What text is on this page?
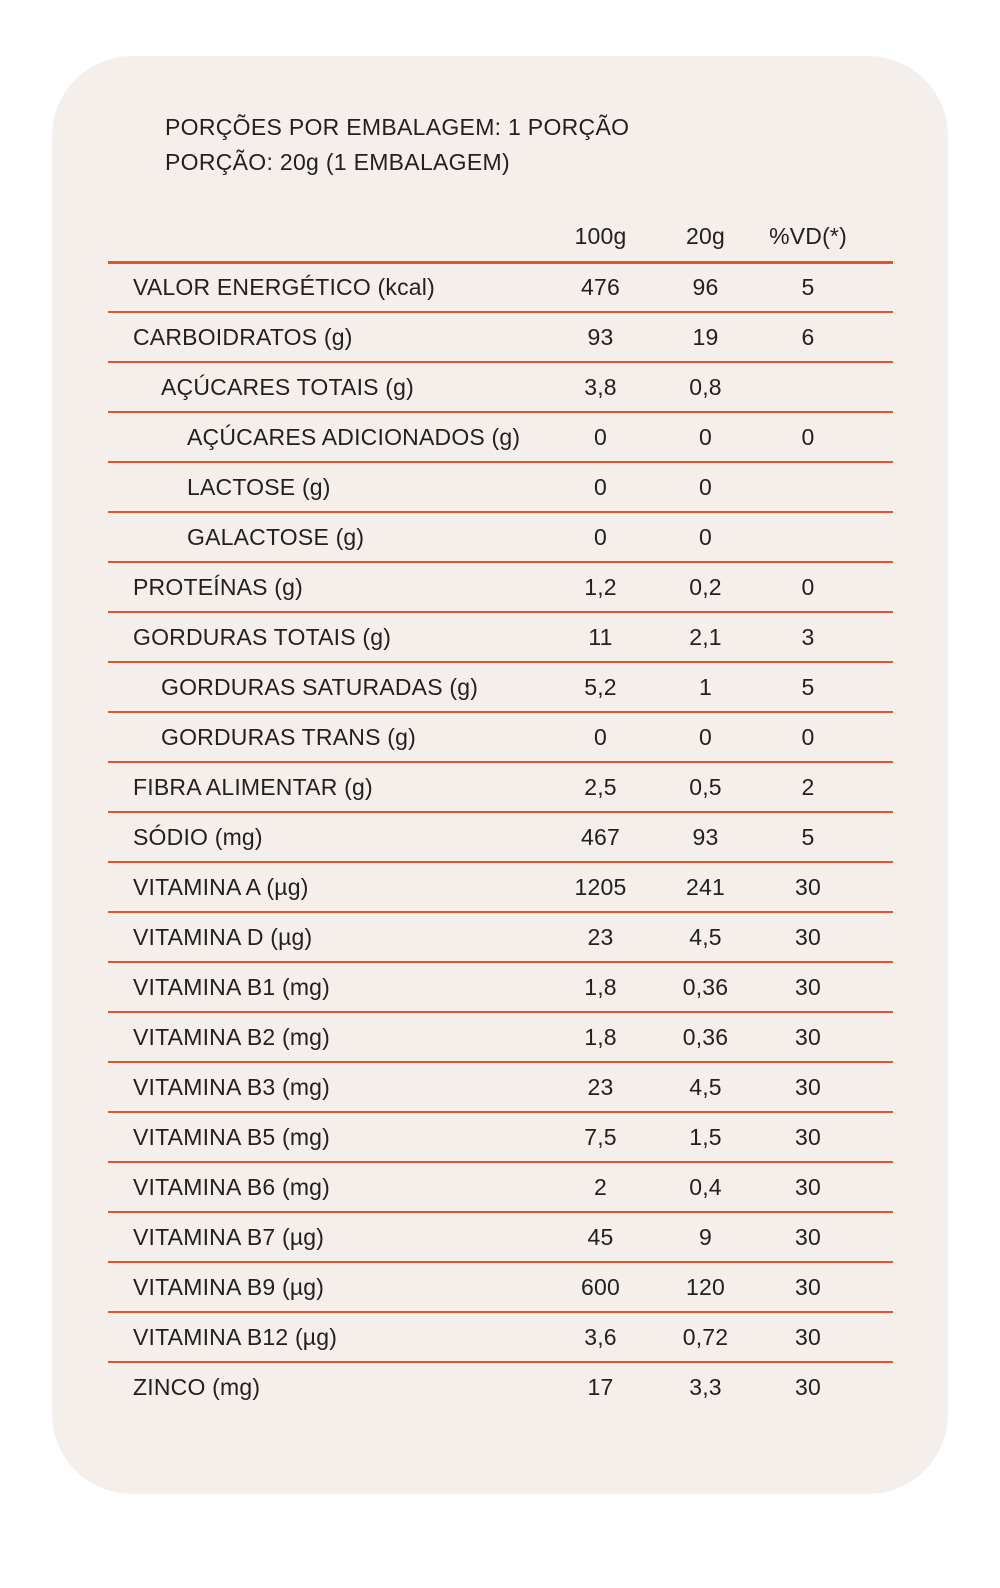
PORÇÕES POR EMBALAGEM: 1 PORÇÃO
PORÇÃO: 20g (1 EMBALAGEM)
100g	20g	%VD(*)
VALOR ENERGÉTICO (kcal)	476	96	5
CARBOIDRATOS (g)	93	19	6
AÇÚCARES TOTAIS (g)	3,8	0,8
AÇÚCARES ADICIONADOS (g)	0	0	0
LACTOSE (g)	0	0
GALACTOSE (g)	0	0
PROTEÍNAS (g)	1,2	0,2	0
GORDURAS TOTAIS (g)	11	2,1	3
GORDURAS SATURADAS (g)	5,2	1	5
GORDURAS TRANS (g)	0	0	0
FIBRA ALIMENTAR (g)	2,5	0,5	2
SÓDIO (mg)	467	93	5
VITAMINA A (µg)	1205	241	30
VITAMINA D (µg)	23	4,5	30
VITAMINA B1 (mg)	1,8	0,36	30
VITAMINA B2 (mg)	1,8	0,36	30
VITAMINA B3 (mg)	23	4,5	30
VITAMINA B5 (mg)	7,5	1,5	30
VITAMINA B6 (mg)	2	0,4	30
VITAMINA B7 (µg)	45	9	30
VITAMINA B9 (µg)	600	120	30
VITAMINA B12 (µg)	3,6	0,72	30
ZINCO (mg)	17	3,3	30
